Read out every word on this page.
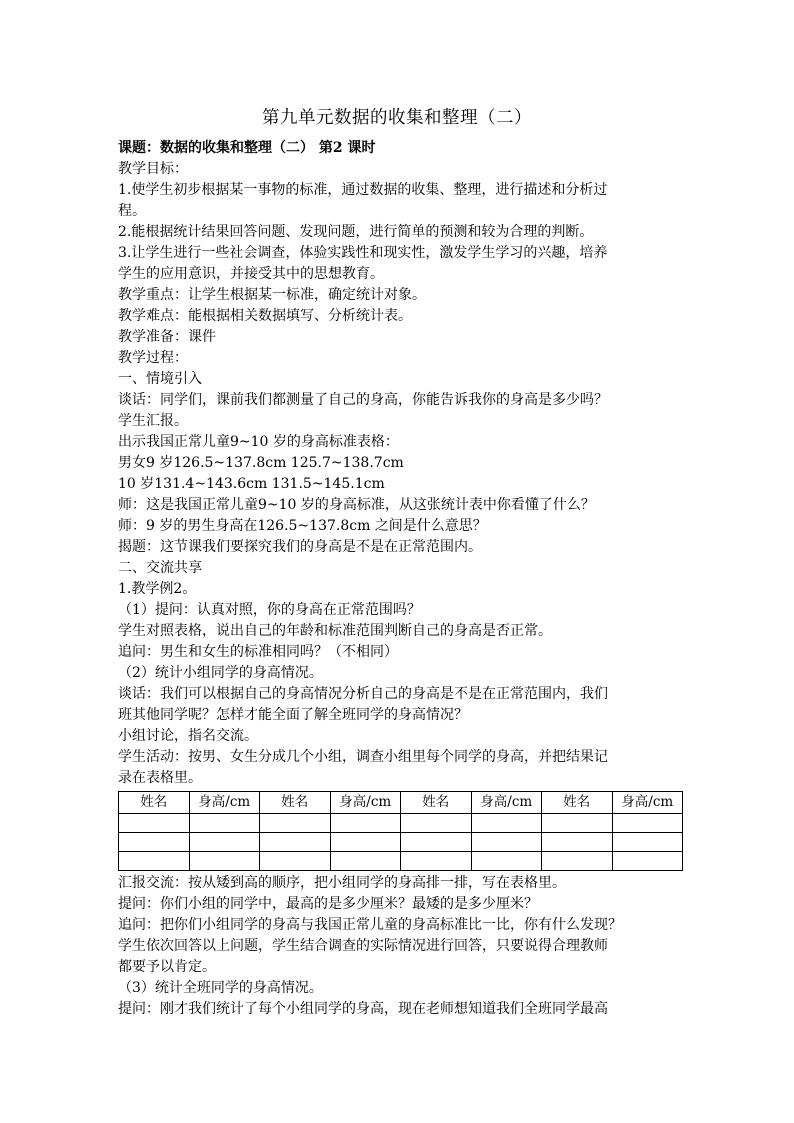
第九单元数据的收集和整理（二）

课题：数据的收集和整理（二） 第2 课时

教学目标：

1.使学生初步根据某一事物的标准，通过数据的收集、整理，进行描述和分析过

程。

2.能根据统计结果回答问题、发现问题，进行简单的预测和较为合理的判断。

3.让学生进行一些社会调查，体验实践性和现实性，激发学生学习的兴趣，培养

学生的应用意识，并接受其中的思想教育。

教学重点：让学生根据某一标准，确定统计对象。

教学难点：能根据相关数据填写、分析统计表。

教学准备：课件

教学过程：

一、情境引入

谈话：同学们，课前我们都测量了自己的身高，你能告诉我你的身高是多少吗？

学生汇报。

出示我国正常儿童9~10 岁的身高标准表格：

男女9 岁126.5~137.8cm 125.7~138.7cm

10 岁131.4~143.6cm 131.5~145.1cm

师：这是我国正常儿童9~10 岁的身高标准，从这张统计表中你看懂了什么？

师：9 岁的男生身高在126.5~137.8cm 之间是什么意思？

揭题：这节课我们要探究我们的身高是不是在正常范围内。

二、交流共享

1.教学例2。

（1）提问：认真对照，你的身高在正常范围吗？

学生对照表格，说出自己的年龄和标准范围判断自己的身高是否正常。

追问：男生和女生的标准相同吗？（不相同）

（2）统计小组同学的身高情况。

谈话：我们可以根据自己的身高情况分析自己的身高是不是在正常范围内，我们

班其他同学呢？怎样才能全面了解全班同学的身高情况？

小组讨论，指名交流。

学生活动：按男、女生分成几个小组，调查小组里每个同学的身高，并把结果记

录在表格里。

姓名	身高/cm	姓名	身高/cm	姓名	身高/cm	姓名	身高/cm

汇报交流：按从矮到高的顺序，把小组同学的身高排一排，写在表格里。

提问：你们小组的同学中，最高的是多少厘米？最矮的是多少厘米？

追问：把你们小组同学的身高与我国正常儿童的身高标准比一比，你有什么发现？

学生依次回答以上问题，学生结合调查的实际情况进行回答，只要说得合理教师

都要予以肯定。

（3）统计全班同学的身高情况。

提问：刚才我们统计了每个小组同学的身高，现在老师想知道我们全班同学最高
